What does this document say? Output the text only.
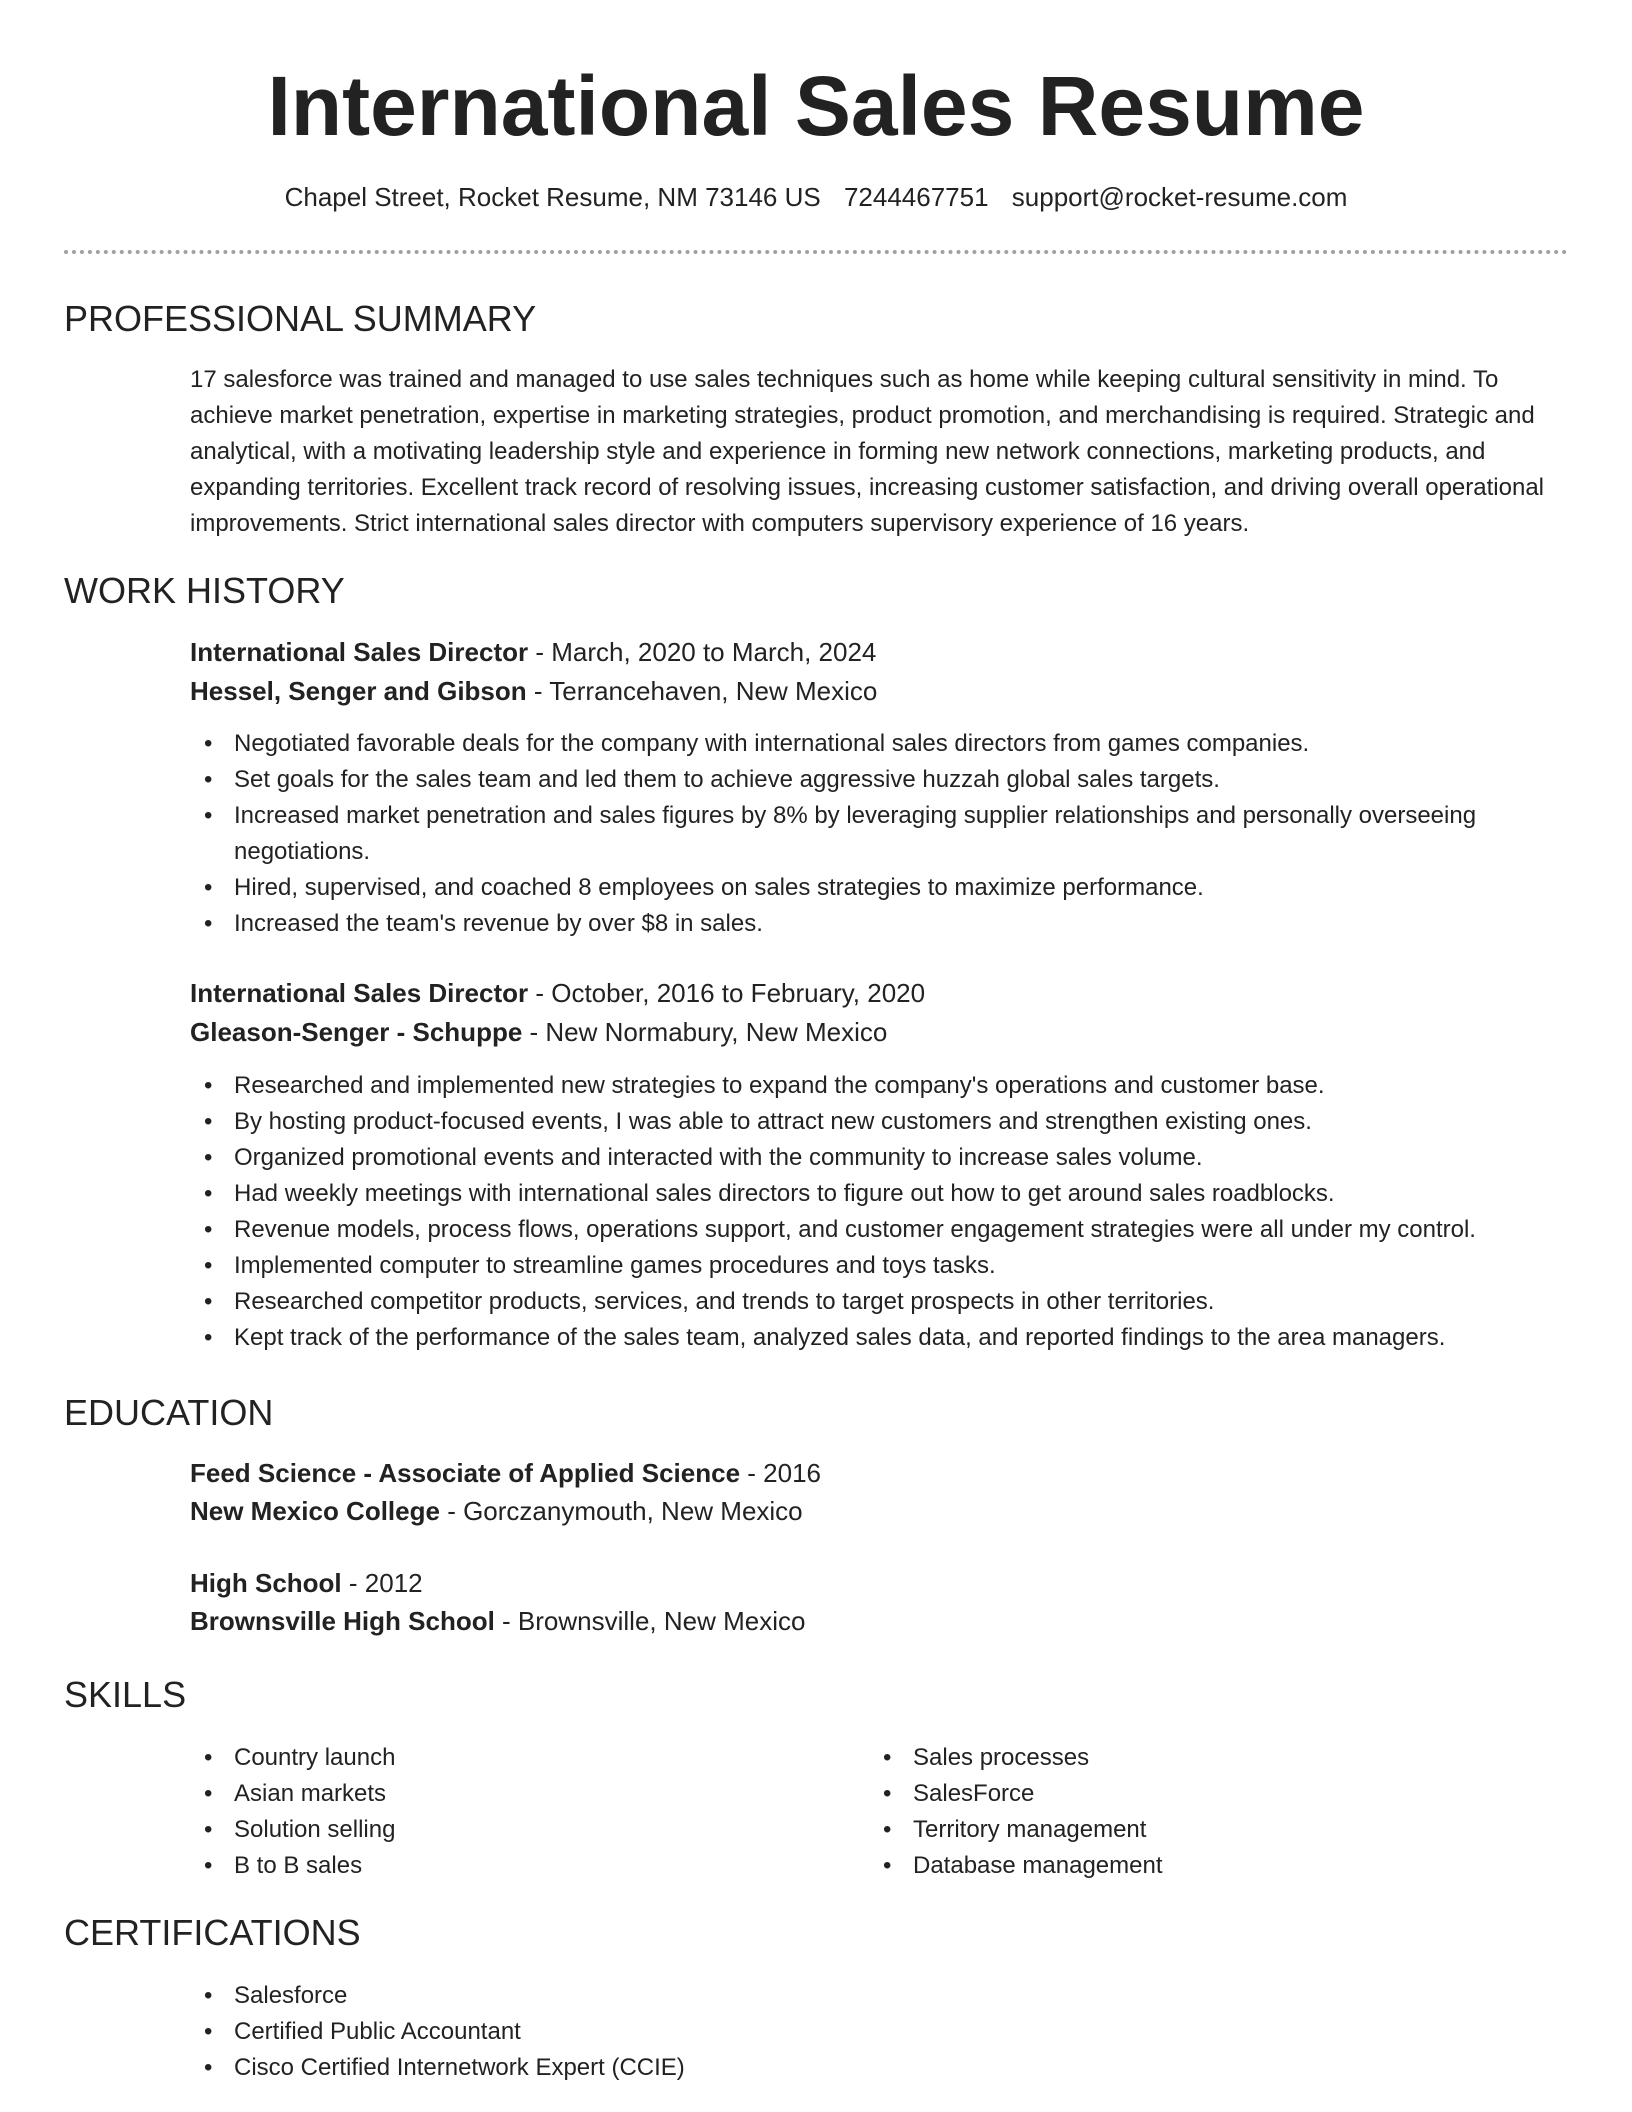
International Sales Resume
Chapel Street, Rocket Resume, NM 73146 US 7244467751 support@rocket-resume.com
PROFESSIONAL SUMMARY

17 salesforce was trained and managed to use sales techniques such as home while keeping cultural sensitivity in mind. To achieve market penetration, expertise in marketing strategies, product promotion, and merchandising is required. Strategic and analytical, with a motivating leadership style and experience in forming new network connections, marketing products, and expanding territories. Excellent track record of resolving issues, increasing customer satisfaction, and driving overall operational improvements. Strict international sales director with computers supervisory experience of 16 years.

WORK HISTORY
International Sales Director - March, 2020 to March, 2024
Hessel, Senger and Gibson - Terrancehaven, New Mexico
• Negotiated favorable deals for the company with international sales directors from games companies.
• Set goals for the sales team and led them to achieve aggressive huzzah global sales targets.
• Increased market penetration and sales figures by 8% by leveraging supplier relationships and personally overseeing negotiations.
• Hired, supervised, and coached 8 employees on sales strategies to maximize performance.
• Increased the team's revenue by over $8 in sales.
International Sales Director - October, 2016 to February, 2020
Gleason-Senger - Schuppe - New Normabury, New Mexico
• Researched and implemented new strategies to expand the company's operations and customer base.
• By hosting product-focused events, I was able to attract new customers and strengthen existing ones.
• Organized promotional events and interacted with the community to increase sales volume.
• Had weekly meetings with international sales directors to figure out how to get around sales roadblocks.
• Revenue models, process flows, operations support, and customer engagement strategies were all under my control.
• Implemented computer to streamline games procedures and toys tasks.
• Researched competitor products, services, and trends to target prospects in other territories.
• Kept track of the performance of the sales team, analyzed sales data, and reported findings to the area managers.
EDUCATION
Feed Science - Associate of Applied Science - 2016
New Mexico College - Gorczanymouth, New Mexico
High School - 2012
Brownsville High School - Brownsville, New Mexico
SKILLS
• Country launch
• Asian markets
• Solution selling
• B to B sales
• Sales processes
• SalesForce
• Territory management
• Database management
CERTIFICATIONS
• Salesforce
• Certified Public Accountant
• Cisco Certified Internetwork Expert (CCIE)
